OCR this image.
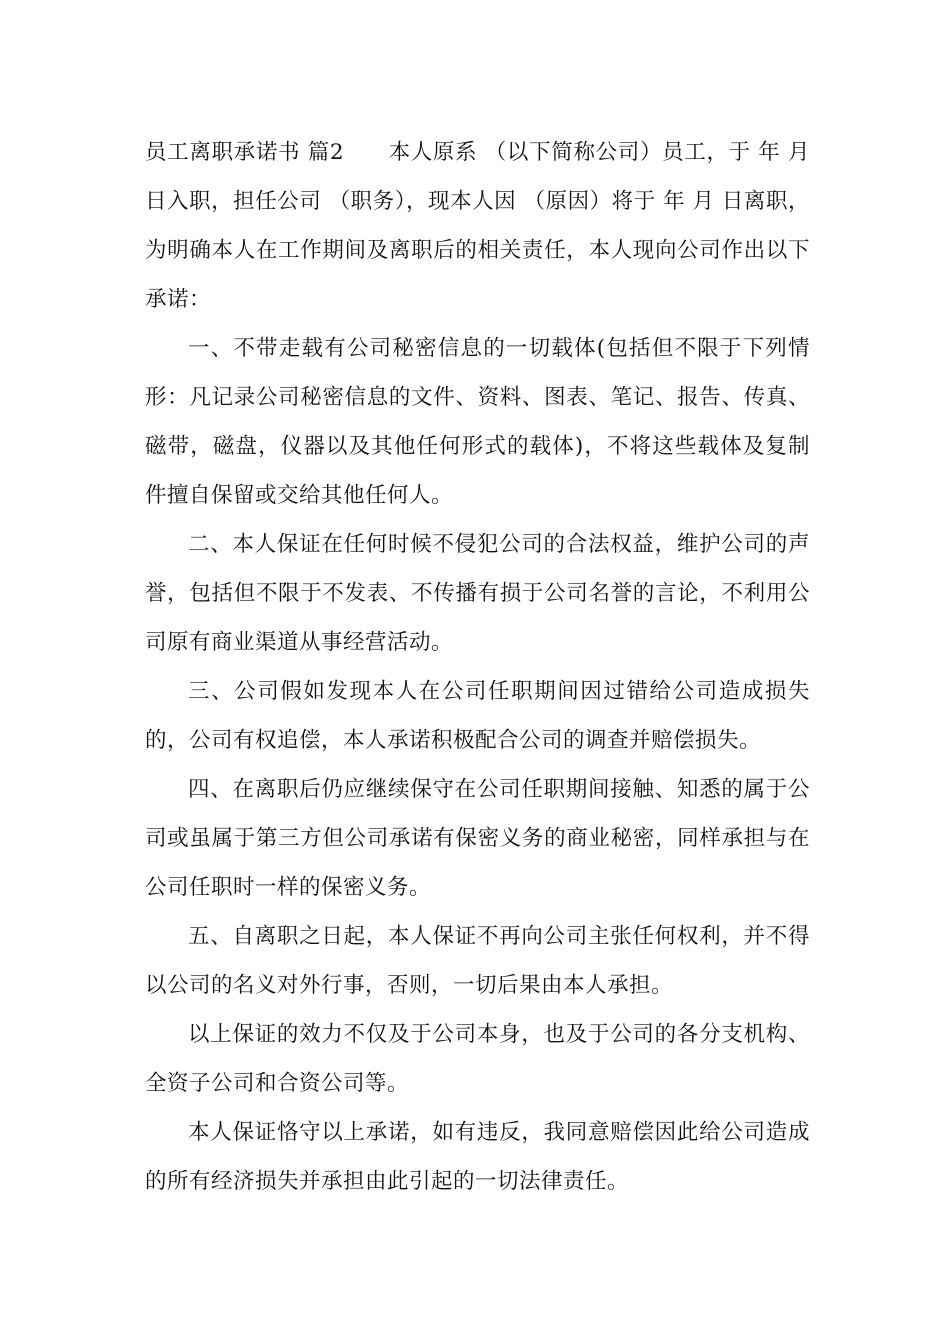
员工离职承诺书 篇2　　本人原系 （以下简称公司）员工，于 年 月 日入职，担任公司 （职务），现本人因 （原因）将于 年 月 日离职，为明确本人在工作期间及离职后的相关责任，本人现向公司作出以下承诺：

一、不带走载有公司秘密信息的一切载体(包括但不限于下列情形：凡记录公司秘密信息的文件、资料、图表、笔记、报告、传真、磁带，磁盘，仪器以及其他任何形式的载体)，不将这些载体及复制件擅自保留或交给其他任何人。

二、本人保证在任何时候不侵犯公司的合法权益，维护公司的声誉，包括但不限于不发表、不传播有损于公司名誉的言论，不利用公司原有商业渠道从事经营活动。

三、公司假如发现本人在公司任职期间因过错给公司造成损失的，公司有权追偿，本人承诺积极配合公司的调查并赔偿损失。

四、在离职后仍应继续保守在公司任职期间接触、知悉的属于公司或虽属于第三方但公司承诺有保密义务的商业秘密，同样承担与在公司任职时一样的保密义务。

五、自离职之日起，本人保证不再向公司主张任何权利，并不得以公司的名义对外行事，否则，一切后果由本人承担。

以上保证的效力不仅及于公司本身，也及于公司的各分支机构、全资子公司和合资公司等。

本人保证恪守以上承诺，如有违反，我同意赔偿因此给公司造成的所有经济损失并承担由此引起的一切法律责任。
